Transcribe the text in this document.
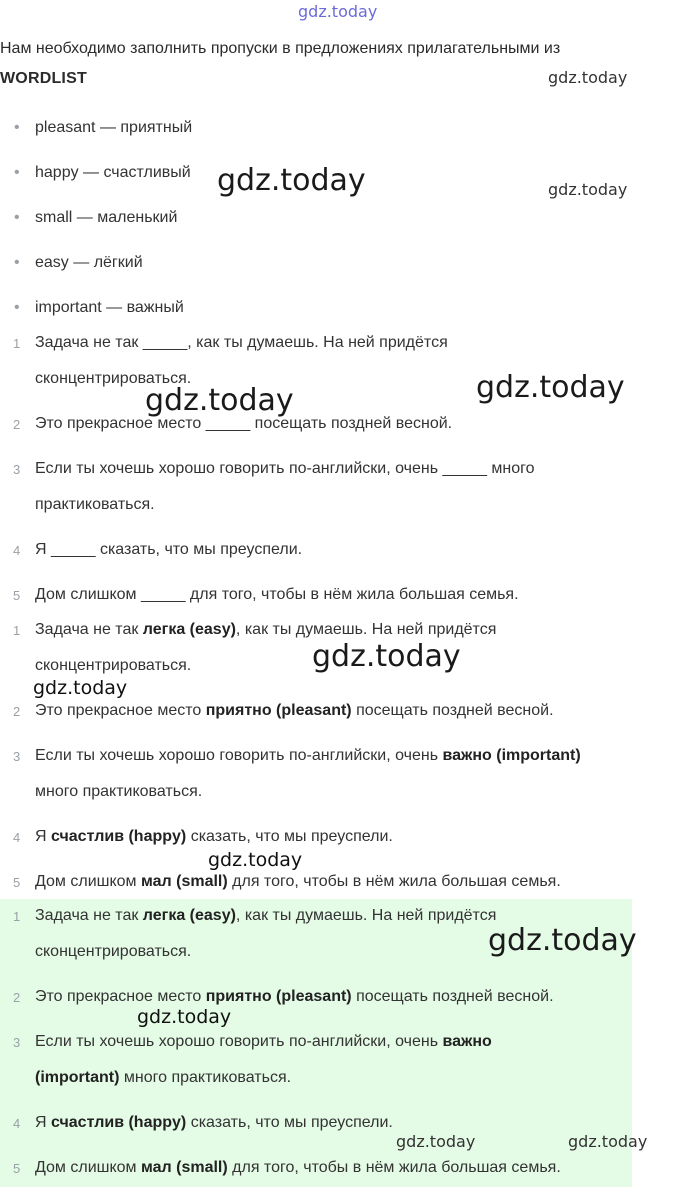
Нам необходимо заполнить пропуски в предложениях прилагательными из
WORDLIST
• pleasant — приятный
• happy — счастливый
• small — маленький
• easy — лёгкий
• important — важный
1 Задача не так _____, как ты думаешь. На ней придётся
сконцентрироваться.
2 Это прекрасное место _____ посещать поздней весной.
3 Если ты хочешь хорошо говорить по-английски, очень _____ много
практиковаться.
4 Я _____ сказать, что мы преуспели.
5 Дом слишком _____ для того, чтобы в нём жила большая семья.
1 Задача не так легка (easy), как ты думаешь. На ней придётся
сконцентрироваться.
2 Это прекрасное место приятно (pleasant) посещать поздней весной.
3 Если ты хочешь хорошо говорить по-английски, очень важно (important)
много практиковаться.
4 Я счастлив (happy) сказать, что мы преуспели.
5 Дом слишком мал (small) для того, чтобы в нём жила большая семья.
1 Задача не так легка (easy), как ты думаешь. На ней придётся
сконцентрироваться.
2 Это прекрасное место приятно (pleasant) посещать поздней весной.
3 Если ты хочешь хорошо говорить по-английски, очень важно
(important) много практиковаться.
4 Я счастлив (happy) сказать, что мы преуспели.
5 Дом слишком мал (small) для того, чтобы в нём жила большая семья.
gdz.today
gdz.today
gdz.today	gdz.today
gdz.today
gdz.today
gdz.today
gdz.today
gdz.today
gdz.today
gdz.today
gdz.today	gdz.today
